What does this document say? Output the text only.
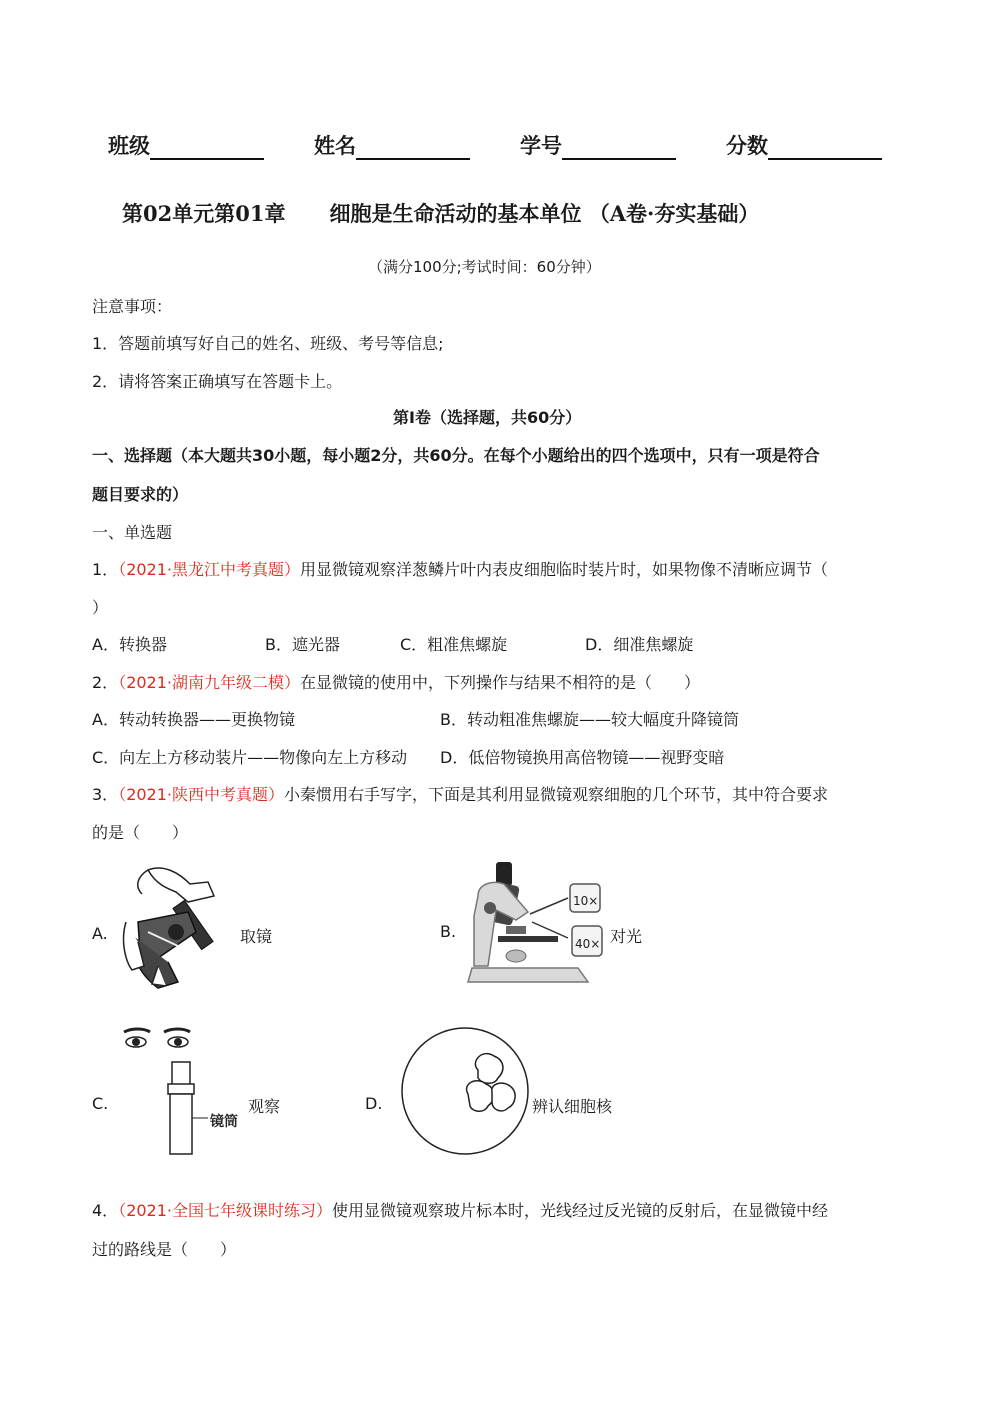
班级	姓名	学号	分数
第02单元第01章 细胞是生命活动的基本单位 （A卷·夯实基础）
（满分100分;考试时间：60分钟）
注意事项：
1．答题前填写好自己的姓名、班级、考号等信息;
2．请将答案正确填写在答题卡上。
第I卷（选择题，共60分）
一、选择题（本大题共30小题，每小题2分，共60分。在每个小题给出的四个选项中，只有一项是符合
题目要求的）
一、单选题
1．（2021·黑龙江中考真题）用显微镜观察洋葱鳞片叶内表皮细胞临时装片时，如果物像不清晰应调节（
）
A．转换器	B．遮光器	C．粗准焦螺旋	D．细准焦螺旋
2．（2021·湖南九年级二模）在显微镜的使用中，下列操作与结果不相符的是（　　）
A．转动转换器——更换物镜	B．转动粗准焦螺旋——较大幅度升降镜筒
C．向左上方移动装片——物像向左上方移动 D．低倍物镜换用高倍物镜——视野变暗
3．（2021·陕西中考真题）小秦惯用右手写字，下面是其利用显微镜观察细胞的几个环节，其中符合要求
的是（　　）
A.	取镜	B.
10×
40× 对光
C.
镜筒
观察	D.	辨认细胞核
4．（2021·全国七年级课时练习）使用显微镜观察玻片标本时，光线经过反光镜的反射后，在显微镜中经
过的路线是（　　）
